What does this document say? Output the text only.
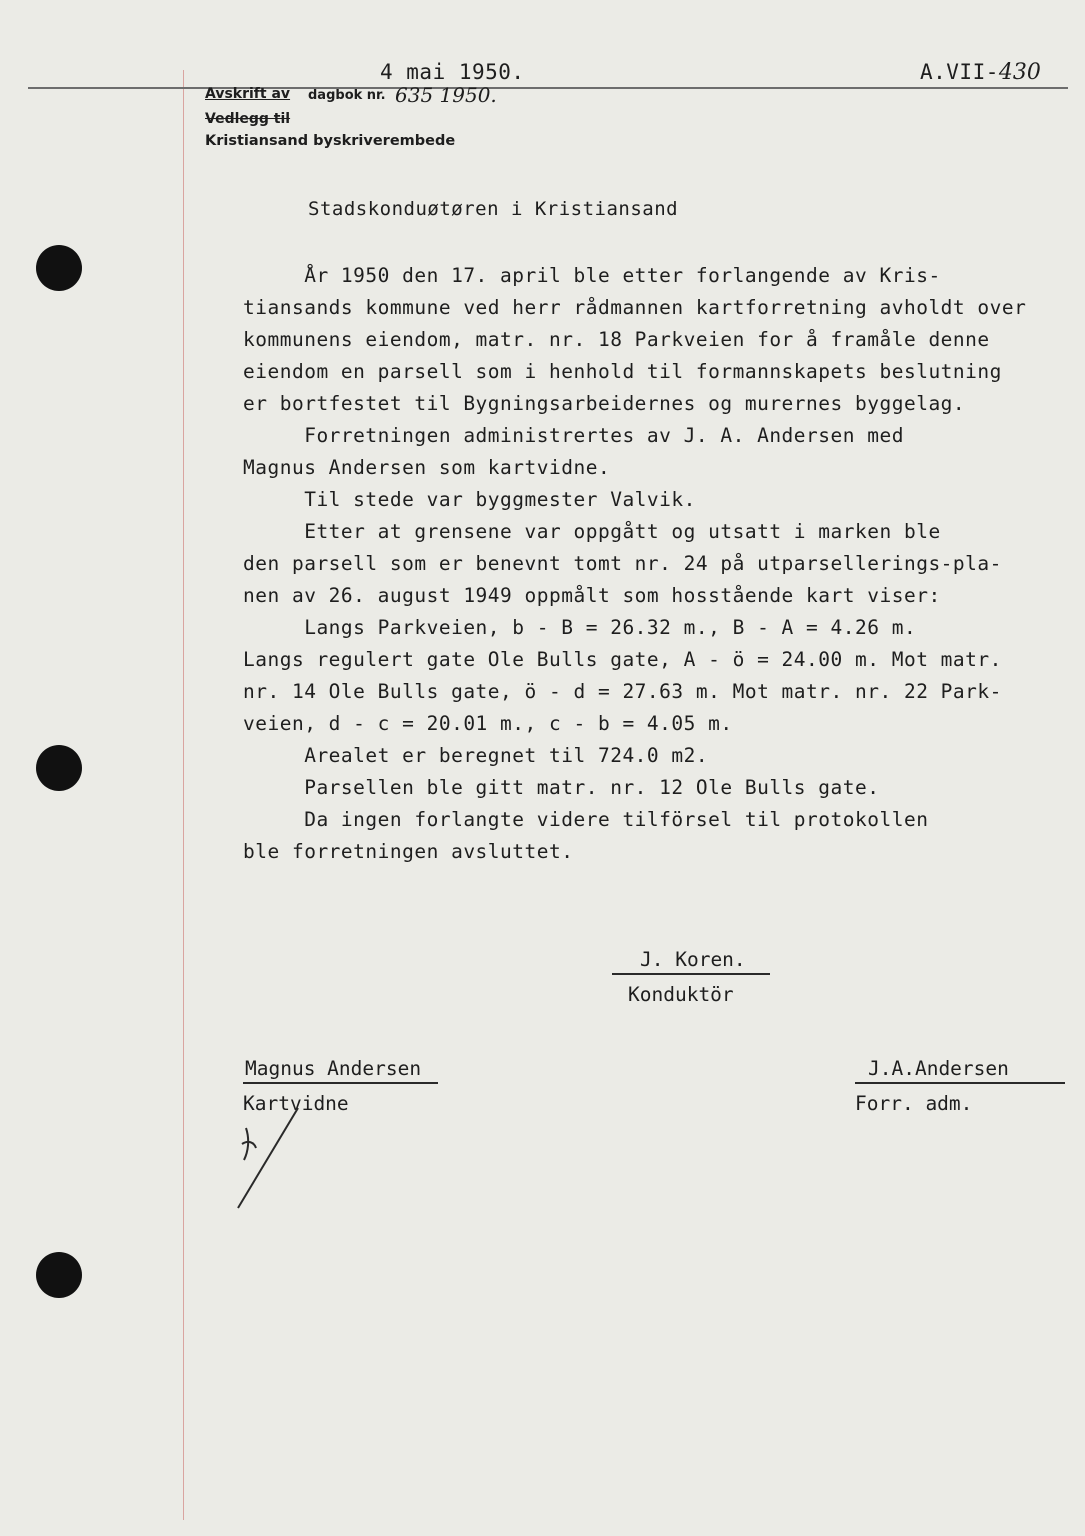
4 mai 1950.	A.VII-430
Avskrift av dagbok nr. 635 1950.
Vedlegg til
Kristiansand byskriverembede
Stadskonduøtøren i Kristiansand
År 1950 den 17. april ble etter forlangende av Kris-
tiansands kommune ved herr rådmannen kartforretning avholdt over
kommunens eiendom, matr. nr. 18 Parkveien for å framåle denne
eiendom en parsell som i henhold til formannskapets beslutning
er bortfestet til Bygningsarbeidernes og murernes byggelag.
Forretningen administrertes av J. A. Andersen med
Magnus Andersen som kartvidne.
Til stede var byggmester Valvik.
Etter at grensene var oppgått og utsatt i marken ble
den parsell som er benevnt tomt nr. 24 på utparsellerings-pla-
nen av 26. august 1949 oppmålt som hosstående kart viser:
Langs Parkveien, b - B = 26.32 m., B - A = 4.26 m.
Langs regulert gate Ole Bulls gate, A - ö = 24.00 m. Mot matr.
nr. 14 Ole Bulls gate, ö - d = 27.63 m. Mot matr. nr. 22 Park-
veien, d - c = 20.01 m., c - b = 4.05 m.
Arealet er beregnet til 724.0 m2.
Parsellen ble gitt matr. nr. 12 Ole Bulls gate.
Da ingen forlangte videre tilförsel til protokollen
ble forretningen avsluttet.
J. Koren.
Konduktör
Magnus Andersen
Kartvidne
J.A.Andersen
Forr. adm.
